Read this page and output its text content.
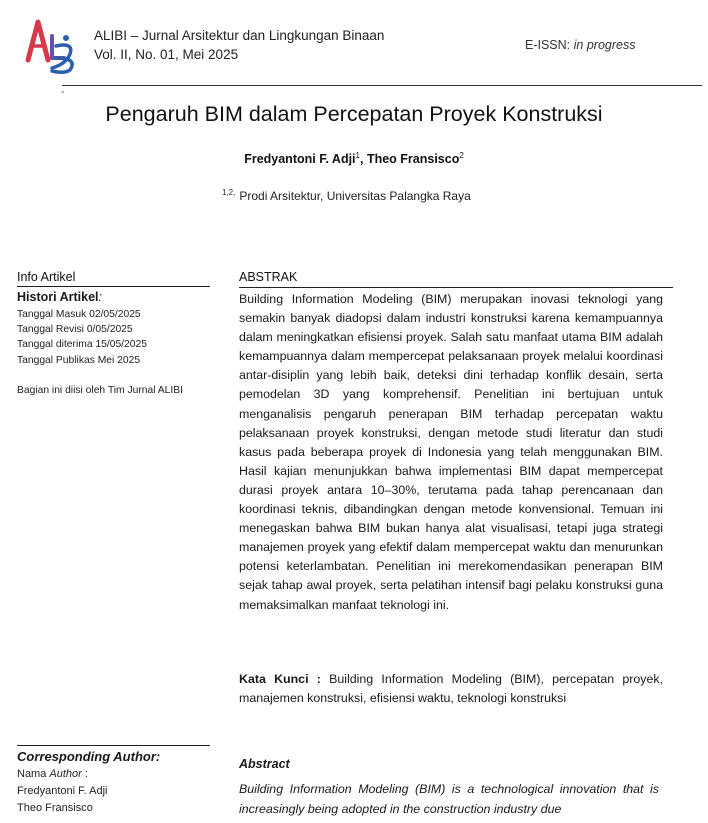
ALIBI – Jurnal Arsitektur dan Lingkungan Binaan
Vol. II, No. 01, Mei 2025
E-ISSN: in progress
-
Pengaruh BIM dalam Percepatan Proyek Konstruksi
Fredyantoni F. Adji$^1$, Theo Fransisco$^2$
$^{1,2,}$ Prodi Arsitektur, Universitas Palangka Raya
Info Artikel
Histori Artikel:
Tanggal Masuk 02/05/2025
Tanggal Revisi 0/05/2025
Tanggal diterima 15/05/2025
Tanggal Publikas Mei 2025
Bagian ini diisi oleh Tim Jurnal ALIBI
Corresponding Author:
Nama Author :
Fredyantoni F. Adji
Theo Fransisco
ABSTRAK
Building Information Modeling (BIM) merupakan inovasi teknologi yang semakin banyak diadopsi dalam industri konstruksi karena kemampuannya dalam meningkatkan efisiensi proyek. Salah satu manfaat utama BIM adalah kemampuannya dalam mempercepat pelaksanaan proyek melalui koordinasi antar-disiplin yang lebih baik, deteksi dini terhadap konflik desain, serta pemodelan 3D yang komprehensif. Penelitian ini bertujuan untuk menganalisis pengaruh penerapan BIM terhadap percepatan waktu pelaksanaan proyek konstruksi, dengan metode studi literatur dan studi kasus pada beberapa proyek di Indonesia yang telah menggunakan BIM. Hasil kajian menunjukkan bahwa implementasi BIM dapat mempercepat durasi proyek antara 10–30%, terutama pada tahap perencanaan dan koordinasi teknis, dibandingkan dengan metode konvensional. Temuan ini menegaskan bahwa BIM bukan hanya alat visualisasi, tetapi juga strategi manajemen proyek yang efektif dalam mempercepat waktu dan menurunkan potensi keterlambatan. Penelitian ini merekomendasikan penerapan BIM sejak tahap awal proyek, serta pelatihan intensif bagi pelaku konstruksi guna memaksimalkan manfaat teknologi ini.
Kata Kunci : Building Information Modeling (BIM), percepatan proyek, manajemen konstruksi, efisiensi waktu, teknologi konstruksi
Abstract
Building Information Modeling (BIM) is a technological innovation that is increasingly being adopted in the construction industry due
